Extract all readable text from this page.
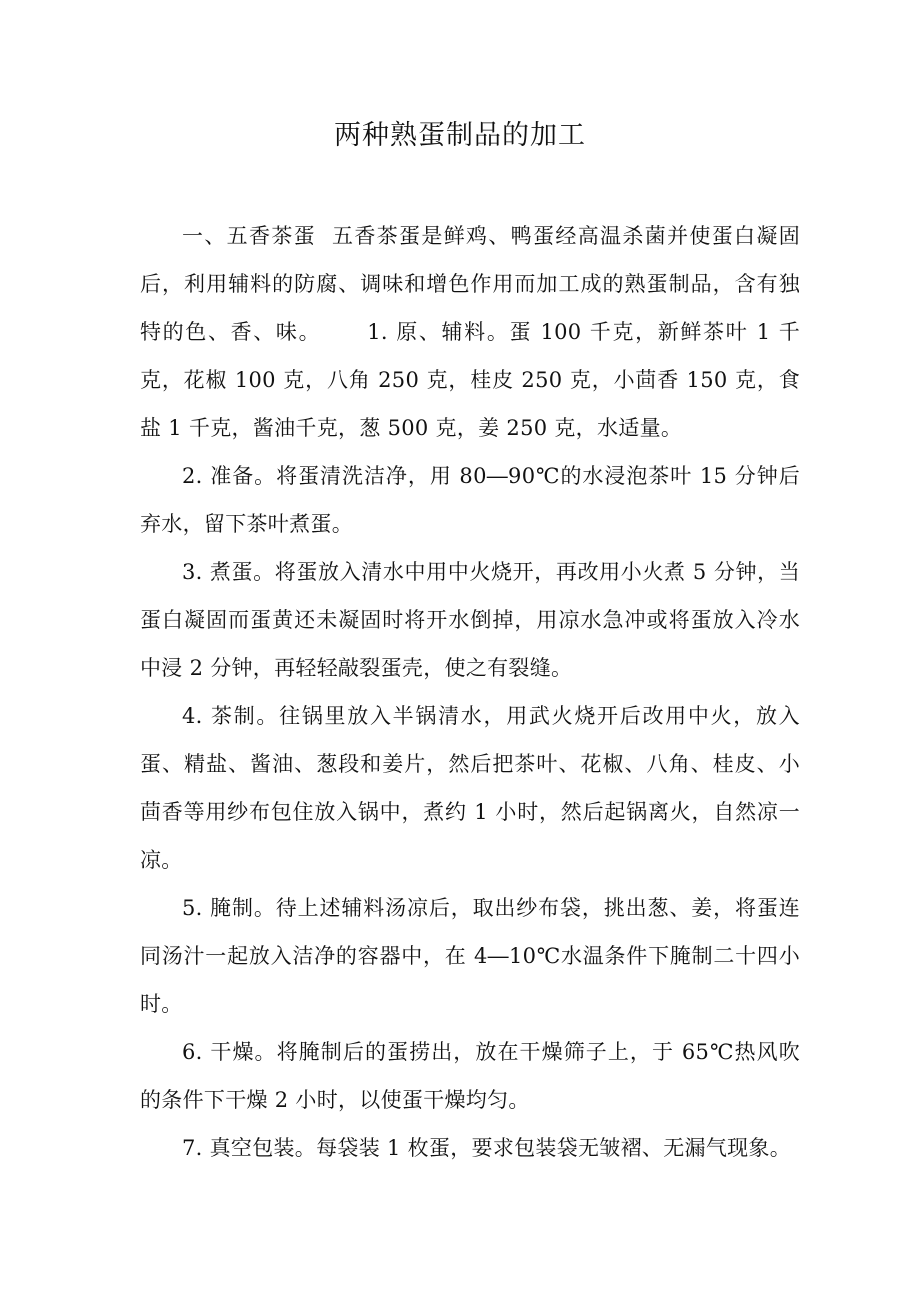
两种熟蛋制品的加工

一、五香茶蛋 五香茶蛋是鲜鸡、鸭蛋经高温杀菌并使蛋白凝固后，利用辅料的防腐、调味和增色作用而加工成的熟蛋制品，含有独特的色、香、味。 1. 原、辅料。蛋 100 千克，新鲜茶叶 1 千克，花椒 100 克，八角 250 克，桂皮 250 克，小茴香 150 克，食盐 1 千克，酱油千克，葱 500 克，姜 250 克，水适量。

2. 准备。将蛋清洗洁净，用 80―90℃的水浸泡茶叶 15 分钟后弃水，留下茶叶煮蛋。

3. 煮蛋。将蛋放入清水中用中火烧开，再改用小火煮 5 分钟，当蛋白凝固而蛋黄还未凝固时将开水倒掉，用凉水急冲或将蛋放入冷水中浸 2 分钟，再轻轻敲裂蛋壳，使之有裂缝。

4. 茶制。往锅里放入半锅清水，用武火烧开后改用中火，放入蛋、精盐、酱油、葱段和姜片，然后把茶叶、花椒、八角、桂皮、小茴香等用纱布包住放入锅中，煮约 1 小时，然后起锅离火，自然凉一凉。

5. 腌制。待上述辅料汤凉后，取出纱布袋，挑出葱、姜，将蛋连同汤汁一起放入洁净的容器中，在 4―10℃水温条件下腌制二十四小时。

6. 干燥。将腌制后的蛋捞出，放在干燥筛子上，于 65℃热风吹的条件下干燥 2 小时，以使蛋干燥均匀。

7. 真空包装。每袋装 1 枚蛋，要求包装袋无皱褶、无漏气现象。
